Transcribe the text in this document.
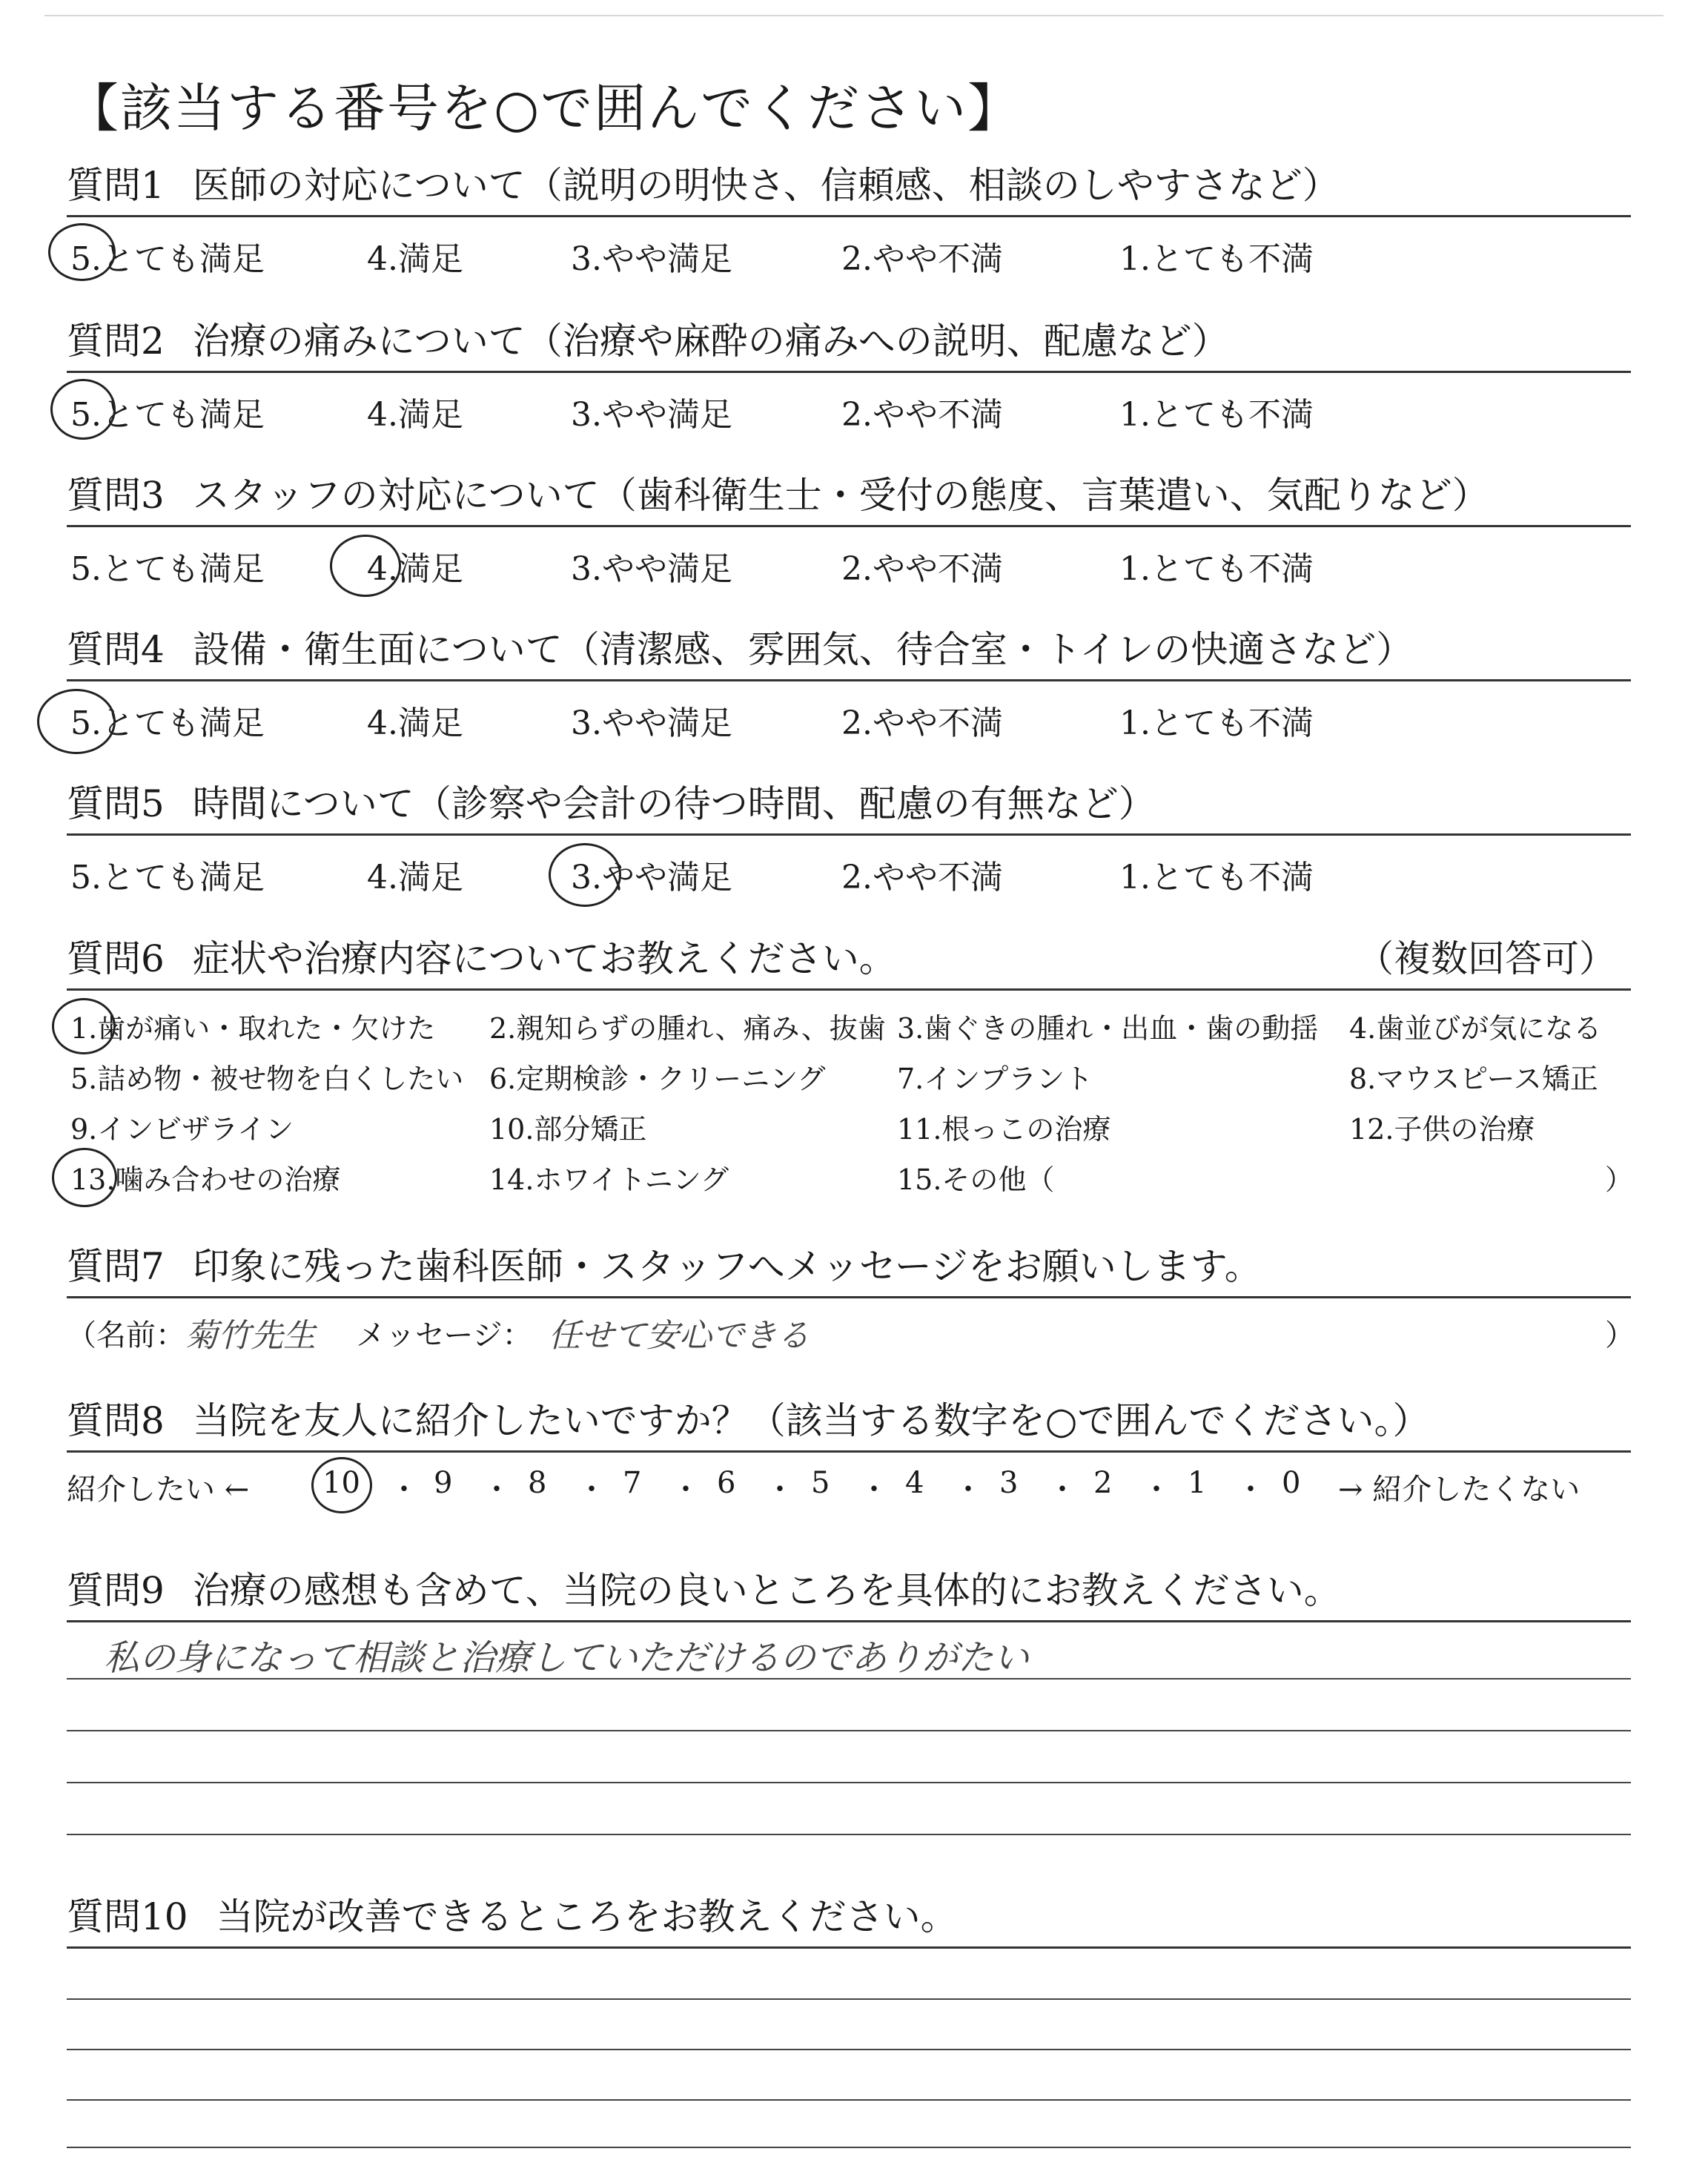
【該当する番号を○で囲んでください】
質問1 医師の対応について（説明の明快さ、信頼感、相談のしやすさなど）
5.とても満足	4.満足	3.やや満足	2.やや不満	1.とても不満
質問2 治療の痛みについて（治療や麻酔の痛みへの説明、配慮など）
5.とても満足	4.満足	3.やや満足	2.やや不満	1.とても不満
質問3 スタッフの対応について（歯科衛生士・受付の態度、言葉遣い、気配りなど）
5.とても満足	4.満足	3.やや満足	2.やや不満	1.とても不満
質問4 設備・衛生面について（清潔感、雰囲気、待合室・トイレの快適さなど）
5.とても満足	4.満足	3.やや満足	2.やや不満	1.とても不満
質問5 時間について（診察や会計の待つ時間、配慮の有無など）
5.とても満足	4.満足	3.やや満足	2.やや不満	1.とても不満
質問6 症状や治療内容についてお教えください。	（複数回答可）
1.歯が痛い・取れた・欠けた 2.親知らずの腫れ、痛み、抜歯 3.歯ぐきの腫れ・出血・歯の動揺 4.歯並びが気になる
5.詰め物・被せ物を白くしたい 6.定期検診・クリーニング	7.インプラント	8.マウスピース矯正
9.インビザライン	10.部分矯正	11.根っこの治療	12.子供の治療
13.噛み合わせの治療	14.ホワイトニング	15.その他（	）
質問7 印象に残った歯科医師・スタッフへメッセージをお願いします。
（名前： 菊竹先生 メッセージ： 任せて安心できる	）
質問8 当院を友人に紹介したいですか？（該当する数字を○で囲んでください。）
紹介したい ← 10 ・ 9 ・ 8 ・ 7 ・ 6 ・ 5 ・ 4 ・ 3 ・ 2 ・ 1 ・ 0 → 紹介したくない
質問9 治療の感想も含めて、当院の良いところを具体的にお教えください。
私の身になって相談と治療していただけるのでありがたい
質問10 当院が改善できるところをお教えください。
